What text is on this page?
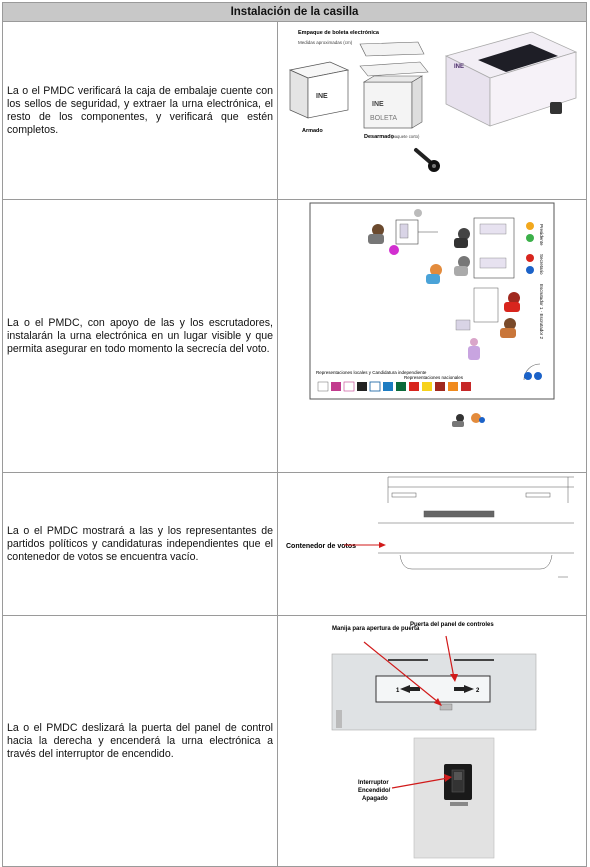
Instalación de la casilla

La o el PMDC verificará la caja de embalaje cuente con los sellos de seguridad, y extraer la urna electrónica, el resto de los componentes, y verificará que estén completos.

Empaque de boleta electrónica
Medidas aproximadas (cm)
INE
Armado
INE
BOLETA
Desarmado
(paquete corto)
INE

La o el PMDC, con apoyo de las y los escrutadores, instalarán la urna electrónica en un lugar visible y que permita asegurar en todo momento la secrecía del voto.

Presidente
Secretario
Escrutador 1 · Escrutador 2
Representaciones locales y Candidatura independiente
Representaciones nacionales

La o el PMDC mostrará a las y los representantes de partidos políticos y candidaturas independientes que el contenedor de votos se encuentra vacío.

Contenedor de votos

La o el PMDC deslizará la puerta del panel de control hacia la derecha y encenderá la urna electrónica a través del interruptor de encendido.

Manija para apertura de puerta
Puerta del panel de controles
1	2
Interruptor
Encendido/
Apagado
